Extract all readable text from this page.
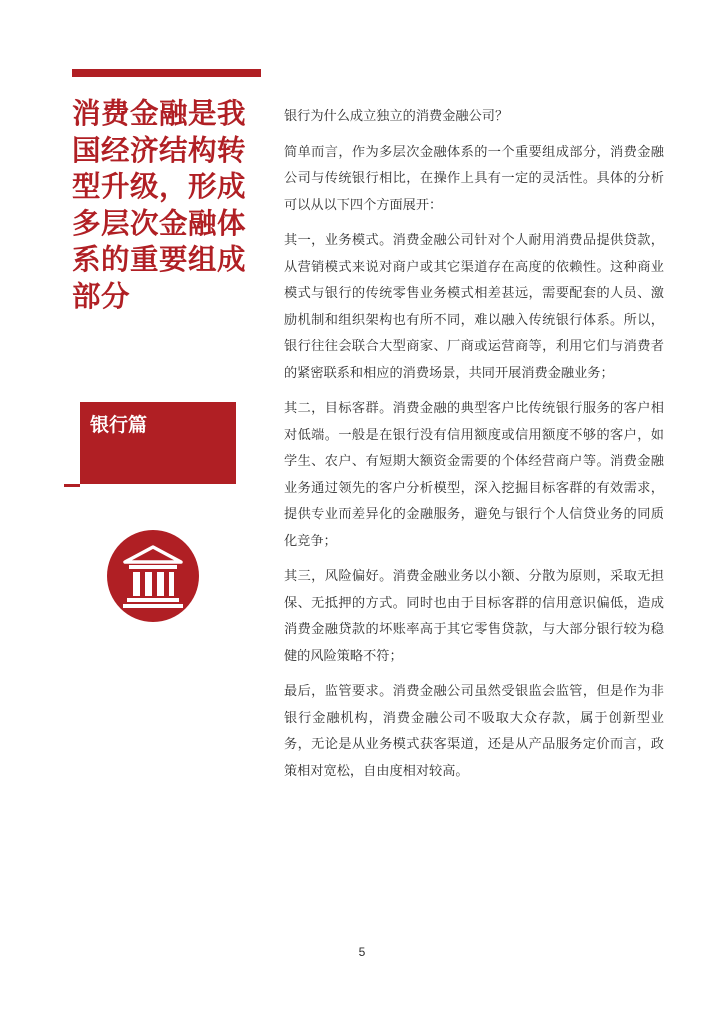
消费金融是我
国经济结构转
型升级，形成
多层次金融体
系的重要组成
部分
银行篇

银行为什么成立独立的消费金融公司？

简单而言，作为多层次金融体系的一个重要组成部分，消费金融公司与传统银行相比，在操作上具有一定的灵活性。具体的分析可以从以下四个方面展开：

其一，业务模式。消费金融公司针对个人耐用消费品提供贷款，从营销模式来说对商户或其它渠道存在高度的依赖性。这种商业模式与银行的传统零售业务模式相差甚远，需要配套的人员、激励机制和组织架构也有所不同，难以融入传统银行体系。所以，银行往往会联合大型商家、厂商或运营商等，利用它们与消费者的紧密联系和相应的消费场景，共同开展消费金融业务；

其二，目标客群。消费金融的典型客户比传统银行服务的客户相对低端。一般是在银行没有信用额度或信用额度不够的客户，如学生、农户、有短期大额资金需要的个体经营商户等。消费金融业务通过领先的客户分析模型，深入挖掘目标客群的有效需求，提供专业而差异化的金融服务，避免与银行个人信贷业务的同质化竞争；

其三，风险偏好。消费金融业务以小额、分散为原则，采取无担保、无抵押的方式。同时也由于目标客群的信用意识偏低，造成消费金融贷款的坏账率高于其它零售贷款，与大部分银行较为稳健的风险策略不符；

最后，监管要求。消费金融公司虽然受银监会监管，但是作为非银行金融机构，消费金融公司不吸取大众存款，属于创新型业务，无论是从业务模式获客渠道，还是从产品服务定价而言，政策相对宽松，自由度相对较高。

5
